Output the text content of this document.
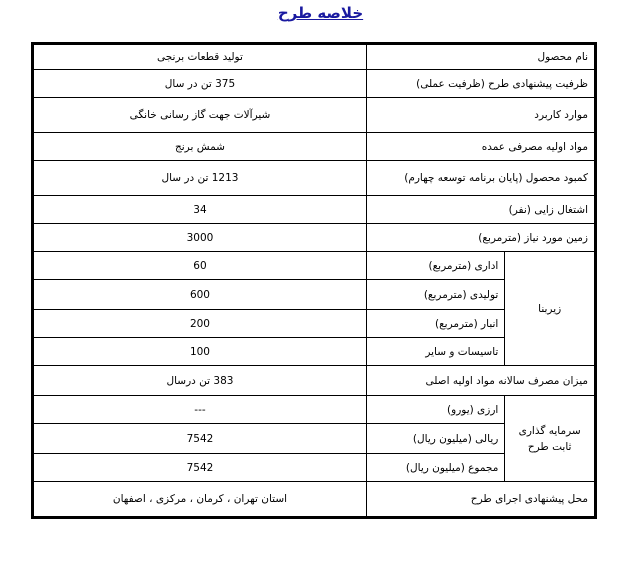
خلاصه طرح
نام محصول		تولید قطعات برنجی
ظرفیت پیشنهادی طرح (ظرفیت عملی)		375 تن در سال
موارد کاربرد		شیرآلات جهت گاز رسانی خانگی
مواد اولیه مصرفی عمده		شمش برنج
کمبود محصول (پایان برنامه توسعه چهارم)		1213 تن در سال
اشتغال زایی (نفر)		34
زمین مورد نیاز (مترمربع)		3000
زیربنا	اداری (مترمربع)	60
	تولیدی (مترمربع)	600
	انبار (مترمربع)	200
	تاسیسات و سایر	100
میزان مصرف سالانه مواد اولیه اصلی		383 تن درسال

سرمایه گذاری
ثابت طرح	ارزی (یورو)	---
	ریالی (میلیون ریال)	7542
	مجموع (میلیون ریال)	7542
محل پیشنهادی اجرای طرح		استان تهران ، کرمان ، مرکزی ، اصفهان
